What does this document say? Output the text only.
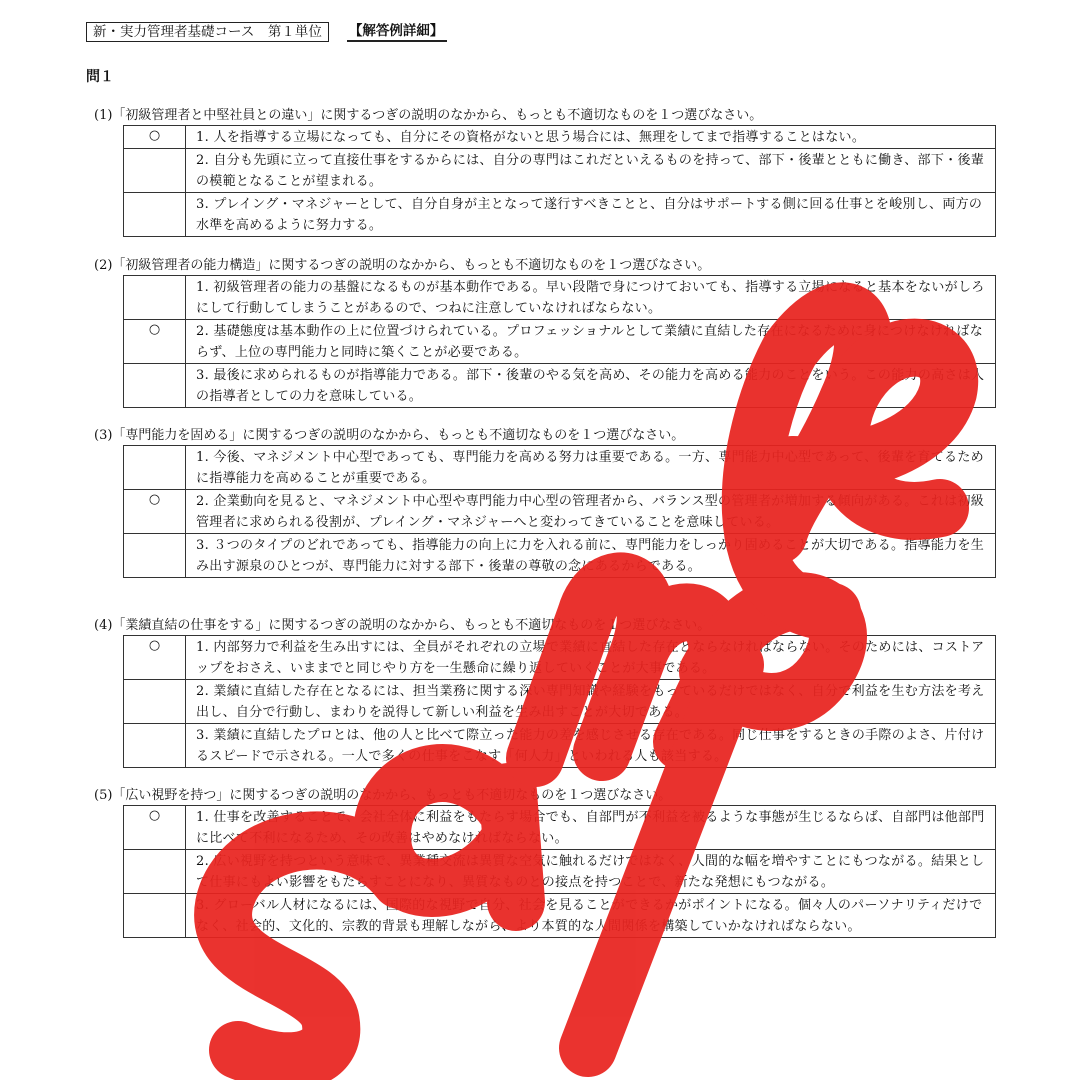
新・実力管理者基礎コース　第１単位	【解答例詳細】
問１
(1)「初級管理者と中堅社員との違い」に関するつぎの説明のなかから、もっとも不適切なものを１つ選びなさい。
○	1. 人を指導する立場になっても、自分にその資格がないと思う場合には、無理をしてまで指導することはない。
	2. 自分も先頭に立って直接仕事をするからには、自分の専門はこれだといえるものを持って、部下・後輩とともに働き、部下・後輩の模範となることが望まれる。
	3. プレイング・マネジャーとして、自分自身が主となって遂行すべきことと、自分はサポートする側に回る仕事とを峻別し、両方の水準を高めるように努力する。
(2)「初級管理者の能力構造」に関するつぎの説明のなかから、もっとも不適切なものを１つ選びなさい。
	1. 初級管理者の能力の基盤になるものが基本動作である。早い段階で身につけておいても、指導する立場になると基本をないがしろにして行動してしまうことがあるので、つねに注意していなければならない。
○	2. 基礎態度は基本動作の上に位置づけられている。プロフェッショナルとして業績に直結した存在になるために身につけなければならず、上位の専門能力と同時に築くことが必要である。
	3. 最後に求められるものが指導能力である。部下・後輩のやる気を高め、その能力を高める能力のことをいう。この能力の高さは人の指導者としての力を意味している。
(3)「専門能力を固める」に関するつぎの説明のなかから、もっとも不適切なものを１つ選びなさい。
	1. 今後、マネジメント中心型であっても、専門能力を高める努力は重要である。一方、専門能力中心型であって、後輩を育てるために指導能力を高めることが重要である。
○	2. 企業動向を見ると、マネジメント中心型や専門能力中心型の管理者から、バランス型の管理者が増加する傾向がある。これは初級管理者に求められる役割が、プレイング・マネジャーへと変わってきていることを意味している。
	3. ３つのタイプのどれであっても、指導能力の向上に力を入れる前に、専門能力をしっかり固めることが大切である。指導能力を生み出す源泉のひとつが、専門能力に対する部下・後輩の尊敬の念にあるからである。
(4)「業績直結の仕事をする」に関するつぎの説明のなかから、もっとも不適切なものを１つ選びなさい。
○	1. 内部努力で利益を生み出すには、全員がそれぞれの立場で業績に直結した存在とならなければならない。そのためには、コストアップをおさえ、いままでと同じやり方を一生懸命に繰り返していくことが大事である。
	2. 業績に直結した存在となるには、担当業務に関する深い専門知識や経験をもっているだけではなく、自分で利益を生む方法を考え出し、自分で行動し、まわりを説得して新しい利益を生み出すことが大切である。
	3. 業績に直結したプロとは、他の人と比べて際立った能力の差を感じさせる存在である。同じ仕事をするときの手際のよさ、片付けるスピードで示される。一人で多くの仕事をこなす「何人力」といわれる人も該当する。
(5)「広い視野を持つ」に関するつぎの説明のなかから、もっとも不適切なものを１つ選びなさい。
○	1. 仕事を改善することで、会社全体に利益をもたらす場合でも、自部門が不利益を被るような事態が生じるならば、自部門は他部門に比べて不利になるため、その改善はやめなければならない。
	2. 広い視野を持つという意味で、異業種交流は異質な空気に触れるだけではなく、人間的な幅を増やすことにもつながる。結果として仕事にもよい影響をもたらすことになり、異質なものとの接点を持つことで、新たな発想にもつながる。
	3. グローバル人材になるには、国際的な視野で自分、社会を見ることができるかがポイントになる。個々人のパーソナリティだけでなく、社会的、文化的、宗教的背景も理解しながら、より本質的な人間関係を構築していかなければならない。
